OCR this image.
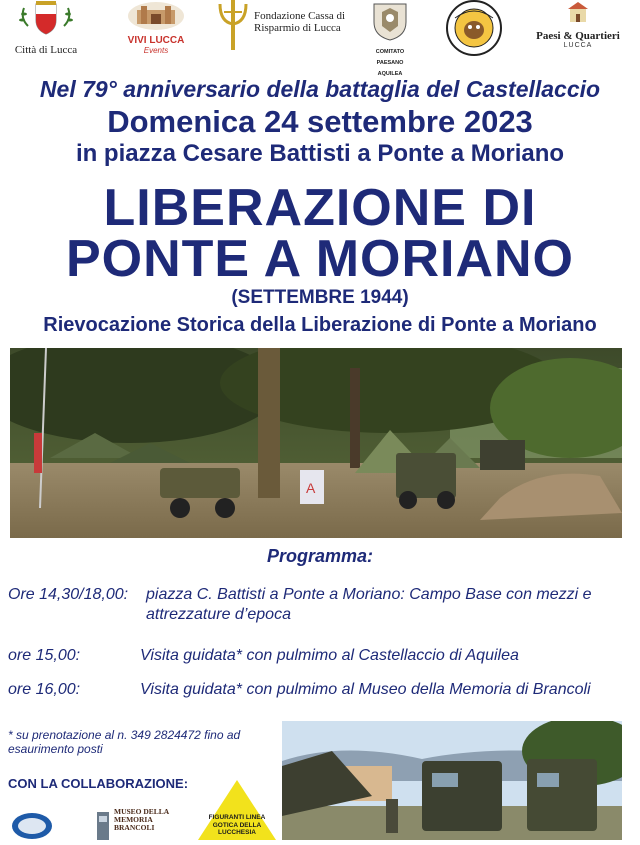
Città di Lucca
VIVI LUCCA
Events
Fondazione Cassa di Risparmio di Lucca
COMITATO PAESANO AQUILEA
Paesi & Quartieri
LUCCA
Nel 79° anniversario della battaglia del Castellaccio
Domenica 24 settembre 2023
in piazza Cesare Battisti a Ponte a Moriano
LIBERAZIONE DI
PONTE A MORIANO
(SETTEMBRE 1944)
Rievocazione Storica della Liberazione di Ponte a Moriano
A
Programma:
Ore 14,30/18,00: piazza C. Battisti a Ponte a Moriano: Campo Base con mezzi e attrezzature d’epoca
ore 15,00:	Visita guidata* con pulmimo al Castellaccio di Aquilea
ore 16,00:	Visita guidata* con pulmimo al Museo della Memoria di Brancoli
* su prenotazione al n. 349 2824472 fino ad esaurimento posti
CON LA COLLABORAZIONE:
MUSEO DELLA MEMORIA BRANCOLI
FIGURANTI LINEA GOTICA DELLA LUCCHESIA
